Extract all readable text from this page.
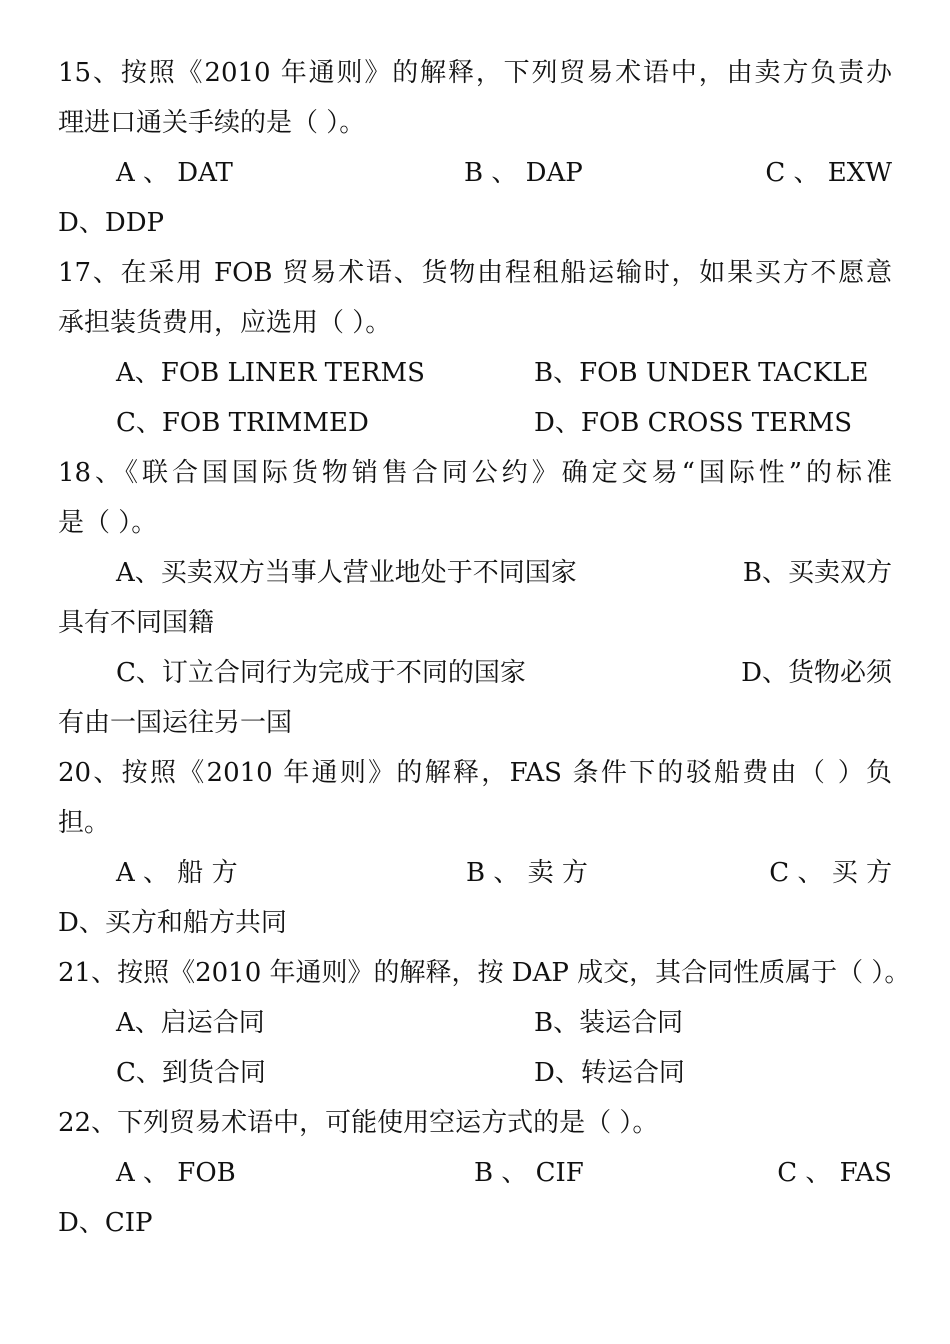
15、按照《2010 年通则》的解释，下列贸易术语中，由卖方负责办
理进口通关手续的是（ ）。
A 、 DAT	B 、 DAP	C 、 EXW
D、DDP
17、在采用 FOB 贸易术语、货物由程租船运输时，如果买方不愿意
承担装货费用，应选用（ ）。
A、FOB LINER TERMS	B、FOB UNDER TACKLE
C、FOB TRIMMED	D、FOB CROSS TERMS
18、《联合国国际货物销售合同公约》确定交易“国际性”的标准
是（ ）。
A、买卖双方当事人营业地处于不同国家	B、买卖双方
具有不同国籍
C、订立合同行为完成于不同的国家	D、货物必须
有由一国运往另一国
20、按照《2010 年通则》的解释，FAS 条件下的驳船费由（ ）负
担。
A 、 船 方	B 、 卖 方	C 、 买 方
D、买方和船方共同
21、按照《2010 年通则》的解释，按 DAP 成交，其合同性质属于（ ）。
A、启运合同	B、装运合同
C、到货合同	D、转运合同
22、下列贸易术语中，可能使用空运方式的是（ ）。
A 、 FOB	B 、 CIF	C 、 FAS
D、CIP
